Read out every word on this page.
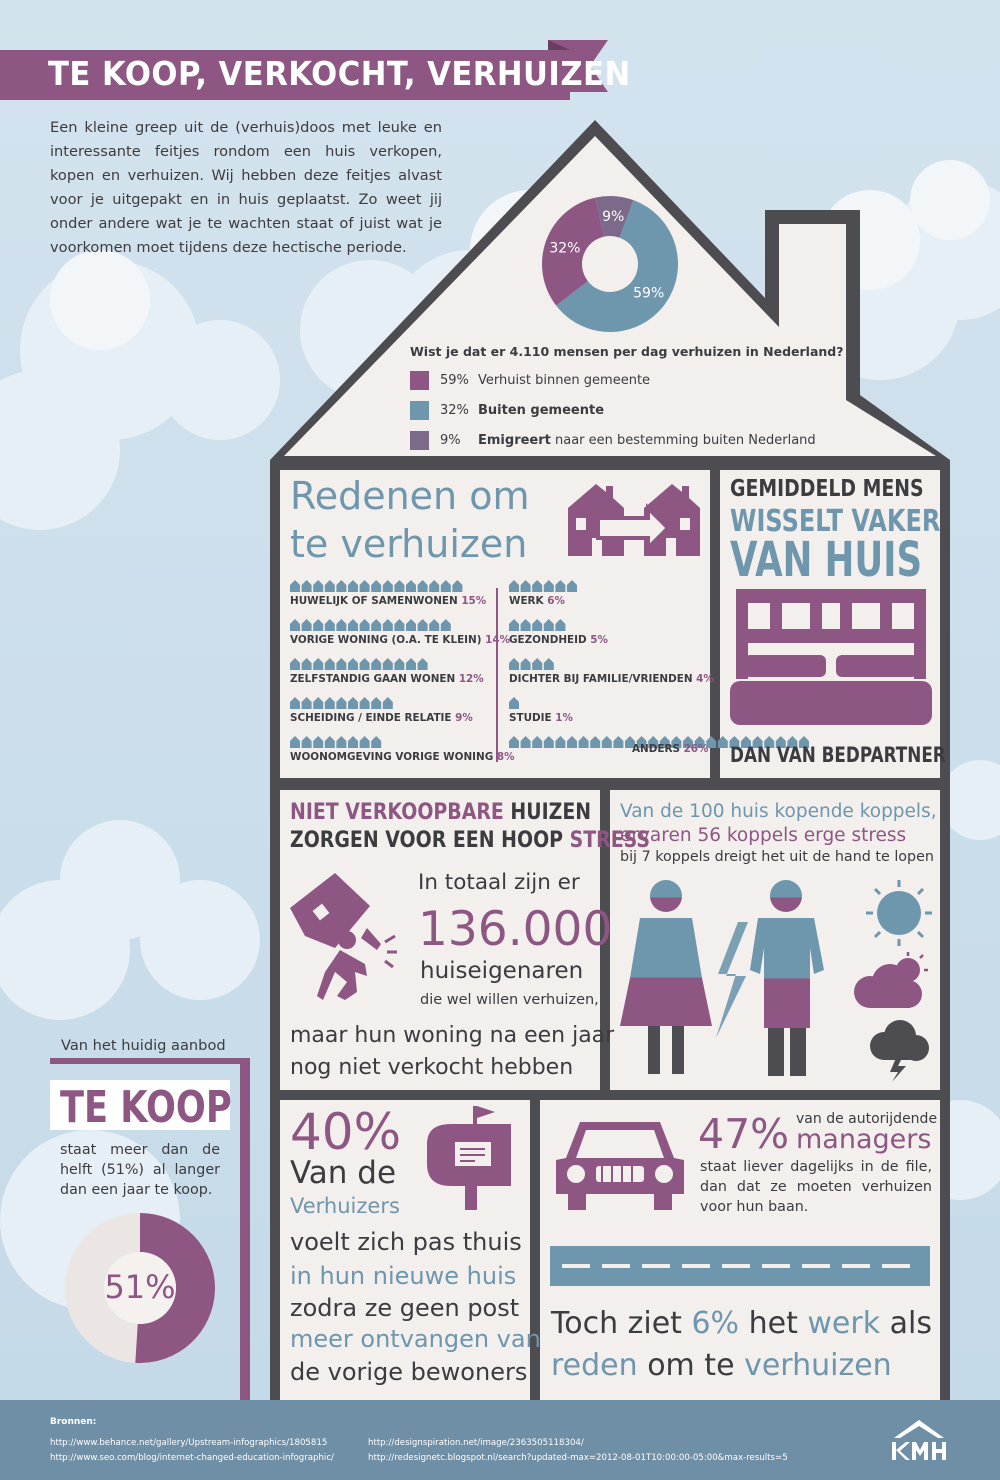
TE KOOP, VERKOCHT, VERHUIZEN
Een kleine greep uit de (verhuis)doos met leuke en interessante feitjes rondom een huis verkopen, kopen en verhuizen. Wij hebben deze feitjes alvast voor je uitgepakt en in huis geplaatst. Zo weet jij onder andere wat je te wachten staat of juist wat je voorkomen moet tijdens deze hectische periode.
59%
32%
9%
Wist je dat er 4.110 mensen per dag verhuizen in Nederland?
59% Verhuist binnen gemeente
32% Buiten gemeente
9%	Emigreert naar een bestemming buiten Nederland
Redenen om
te verhuizen
HUWELIJK OF SAMENWONEN 15%
VORIGE WONING (O.A. TE KLEIN) 14%
ZELFSTANDIG GAAN WONEN 12%
SCHEIDING / EINDE RELATIE 9%
WOONOMGEVING VORIGE WONING 8%
WERK 6%
GEZONDHEID 5%
DICHTER BIJ FAMILIE/VRIENDEN 4%
STUDIE 1%
ANDERS 26%
GEMIDDELD MENS
WISSELT VAKER
VAN HUIS
DAN VAN BEDPARTNER
NIET VERKOOPBARE HUIZEN
ZORGEN VOOR EEN HOOP STRESS
In totaal zijn er
136.000
huiseigenaren
die wel willen verhuizen,
maar hun woning na een jaar
nog niet verkocht hebben
Van de 100 huis kopende koppels,
ervaren 56 koppels erge stress
bij 7 koppels dreigt het uit de hand te lopen
40%
Van de
Verhuizers
voelt zich pas thuis
in hun nieuwe huis
zodra ze geen post
meer ontvangen van
de vorige bewoners
47% van de autorijdende
managers
staat liever dagelijks in de file, dan dat ze moeten verhuizen voor hun baan.
Toch ziet 6% het werk als
reden om te verhuizen
Van het huidig aanbod
TE KOOP
staat meer dan de helft (51%) al langer dan een jaar te koop.
51%
Bronnen:
http://www.behance.net/gallery/Upstream-infographics/1805815
http://www.seo.com/blog/internet-changed-education-infographic/
http://designspiration.net/image/2363505118304/
http://redesignetc.blogspot.nl/search?updated-max=2012-08-01T10:00:00-05:00&max-results=5
